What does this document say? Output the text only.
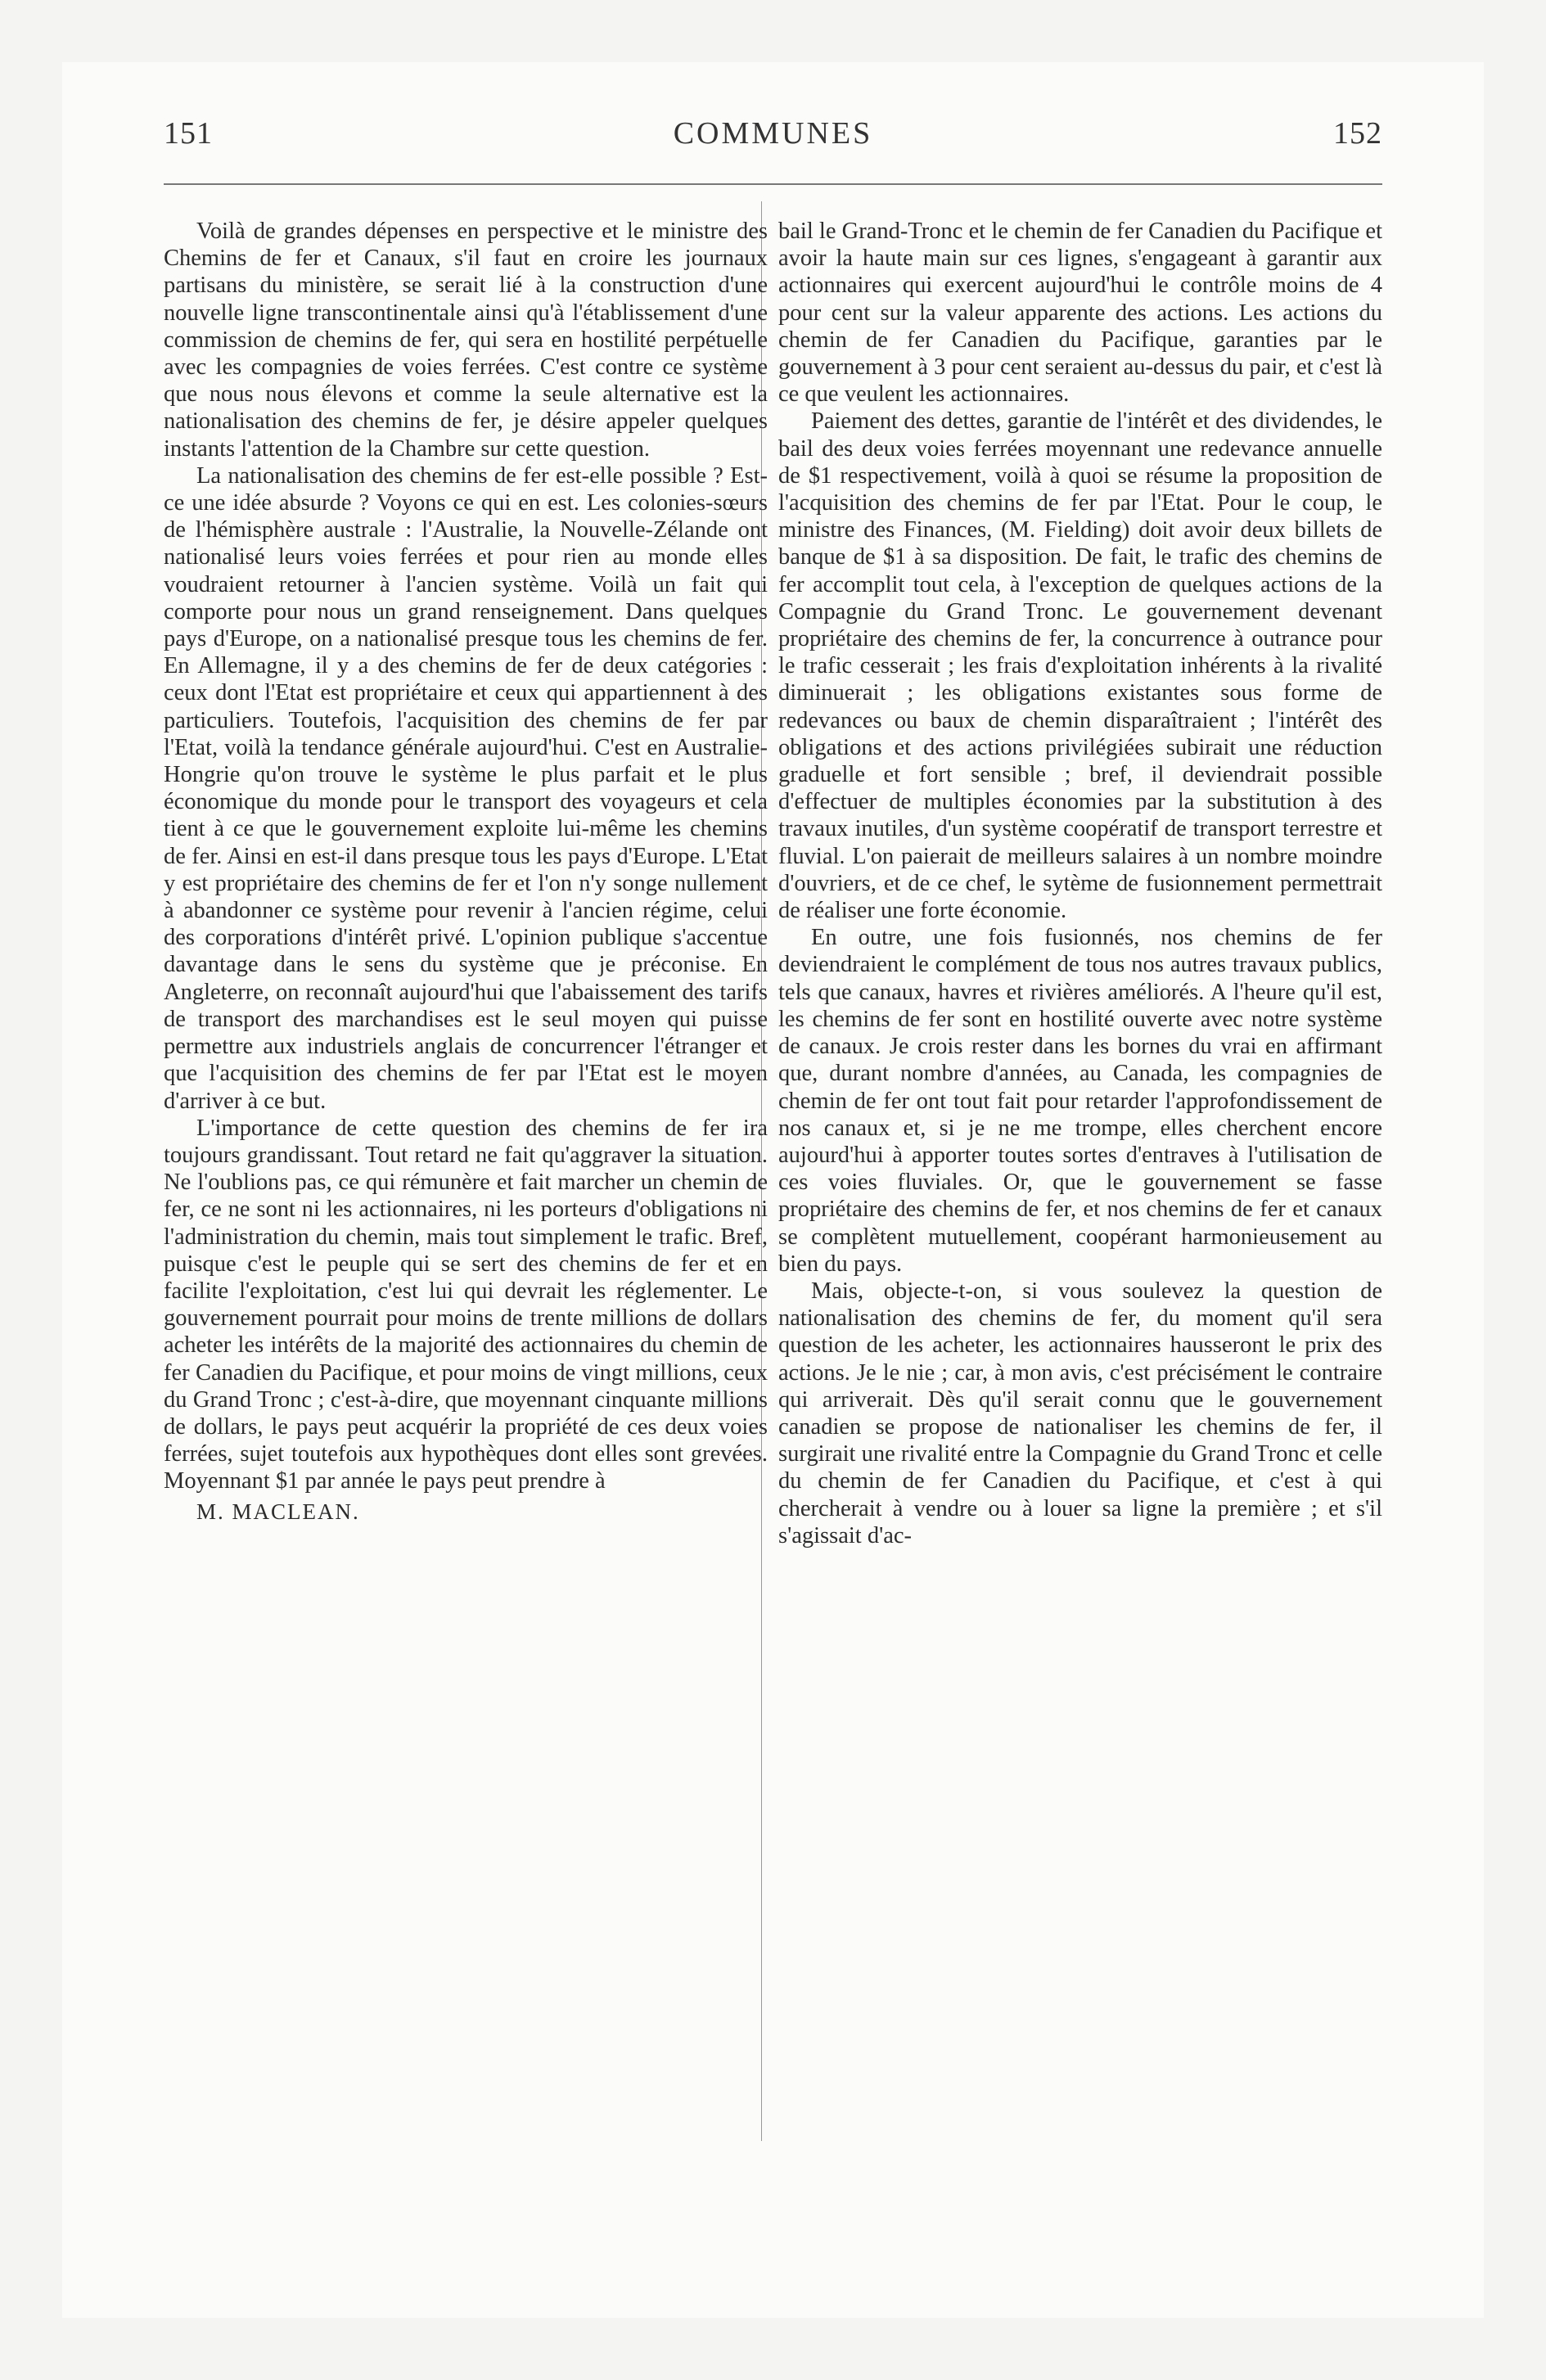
151	COMMUNES	152

Voilà de grandes dépenses en perspective et le ministre des Chemins de fer et Canaux, s'il faut en croire les journaux partisans du ministère, se serait lié à la construction d'une nouvelle ligne transcontinentale ainsi qu'à l'établissement d'une commission de chemins de fer, qui sera en hostilité perpétuelle avec les compagnies de voies ferrées. C'est contre ce système que nous nous élevons et comme la seule alternative est la nationalisation des chemins de fer, je désire appeler quelques instants l'attention de la Chambre sur cette question.

La nationalisation des chemins de fer est-elle possible ? Est-ce une idée absurde ? Voyons ce qui en est. Les colonies-sœurs de l'hémisphère australe : l'Australie, la Nouvelle-Zélande ont nationalisé leurs voies ferrées et pour rien au monde elles voudraient retourner à l'ancien système. Voilà un fait qui comporte pour nous un grand renseignement. Dans quelques pays d'Europe, on a nationalisé presque tous les chemins de fer. En Allemagne, il y a des chemins de fer de deux catégories : ceux dont l'Etat est propriétaire et ceux qui appartiennent à des particuliers. Toutefois, l'acquisition des chemins de fer par l'Etat, voilà la tendance générale aujourd'hui. C'est en Australie-Hongrie qu'on trouve le système le plus parfait et le plus économique du monde pour le transport des voyageurs et cela tient à ce que le gouvernement exploite lui-même les chemins de fer. Ainsi en est-il dans presque tous les pays d'Europe. L'Etat y est propriétaire des chemins de fer et l'on n'y songe nullement à abandonner ce système pour revenir à l'ancien régime, celui des corporations d'intérêt privé. L'opinion publique s'accentue davantage dans le sens du système que je préconise. En Angleterre, on reconnaît aujourd'hui que l'abaissement des tarifs de transport des marchandises est le seul moyen qui puisse permettre aux industriels anglais de concurrencer l'étranger et que l'acquisition des chemins de fer par l'Etat est le moyen d'arriver à ce but.

L'importance de cette question des chemins de fer ira toujours grandissant. Tout retard ne fait qu'aggraver la situation. Ne l'oublions pas, ce qui rémunère et fait marcher un chemin de fer, ce ne sont ni les actionnaires, ni les porteurs d'obligations ni l'administration du chemin, mais tout simplement le trafic. Bref, puisque c'est le peuple qui se sert des chemins de fer et en facilite l'exploitation, c'est lui qui devrait les réglementer. Le gouvernement pourrait pour moins de trente millions de dollars acheter les intérêts de la majorité des actionnaires du chemin de fer Canadien du Pacifique, et pour moins de vingt millions, ceux du Grand Tronc ; c'est-à-dire, que moyennant cinquante millions de dollars, le pays peut acquérir la propriété de ces deux voies ferrées, sujet toutefois aux hypothèques dont elles sont grevées. Moyennant $1 par année le pays peut prendre à

M. MACLEAN.

bail le Grand-Tronc et le chemin de fer Canadien du Pacifique et avoir la haute main sur ces lignes, s'engageant à garantir aux actionnaires qui exercent aujourd'hui le contrôle moins de 4 pour cent sur la valeur apparente des actions. Les actions du chemin de fer Canadien du Pacifique, garanties par le gouvernement à 3 pour cent seraient au-dessus du pair, et c'est là ce que veulent les actionnaires.

Paiement des dettes, garantie de l'intérêt et des dividendes, le bail des deux voies ferrées moyennant une redevance annuelle de $1 respectivement, voilà à quoi se résume la proposition de l'acquisition des chemins de fer par l'Etat. Pour le coup, le ministre des Finances, (M. Fielding) doit avoir deux billets de banque de $1 à sa disposition. De fait, le trafic des chemins de fer accomplit tout cela, à l'exception de quelques actions de la Compagnie du Grand Tronc. Le gouvernement devenant propriétaire des chemins de fer, la concurrence à outrance pour le trafic cesserait ; les frais d'exploitation inhérents à la rivalité diminuerait ; les obligations existantes sous forme de redevances ou baux de chemin disparaîtraient ; l'intérêt des obligations et des actions privilégiées subirait une réduction graduelle et fort sensible ; bref, il deviendrait possible d'effectuer de multiples économies par la substitution à des travaux inutiles, d'un système coopératif de transport terrestre et fluvial. L'on paierait de meilleurs salaires à un nombre moindre d'ouvriers, et de ce chef, le sytème de fusionnement permettrait de réaliser une forte économie.

En outre, une fois fusionnés, nos chemins de fer deviendraient le complément de tous nos autres travaux publics, tels que canaux, havres et rivières améliorés. A l'heure qu'il est, les chemins de fer sont en hostilité ouverte avec notre système de canaux. Je crois rester dans les bornes du vrai en affirmant que, durant nombre d'années, au Canada, les compagnies de chemin de fer ont tout fait pour retarder l'approfondissement de nos canaux et, si je ne me trompe, elles cherchent encore aujourd'hui à apporter toutes sortes d'entraves à l'utilisation de ces voies fluviales. Or, que le gouvernement se fasse propriétaire des chemins de fer, et nos chemins de fer et canaux se complètent mutuellement, coopérant harmonieusement au bien du pays.

Mais, objecte-t-on, si vous soulevez la question de nationalisation des chemins de fer, du moment qu'il sera question de les acheter, les actionnaires hausseront le prix des actions. Je le nie ; car, à mon avis, c'est précisément le contraire qui arriverait. Dès qu'il serait connu que le gouvernement canadien se propose de nationaliser les chemins de fer, il surgirait une rivalité entre la Compagnie du Grand Tronc et celle du chemin de fer Canadien du Pacifique, et c'est à qui chercherait à vendre ou à louer sa ligne la première ; et s'il s'agissait d'ac-
